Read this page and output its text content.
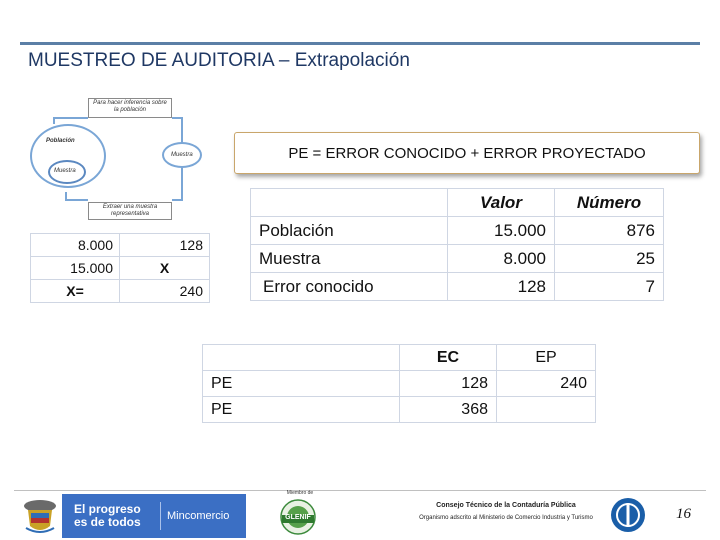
MUESTREO DE AUDITORIA – Extrapolación
Para hacer inferencia sobre la población
Población
Muestra
Muestra
Extraer una muestra representativa
PE = ERROR CONOCIDO + ERROR PROYECTADO
8.000	128
15.000	X
X=	240
	Valor	Número
Población	15.000	876
Muestra	8.000	25
Error conocido	128	7
	EC	EP
PE	128	240
PE	368	
El progreso
es de todos	Mincomercio
Miembro de
GLENIF
Consejo Técnico de la Contaduría Pública
Organismo adscrito al Ministerio de Comercio Industria y Turismo	16
